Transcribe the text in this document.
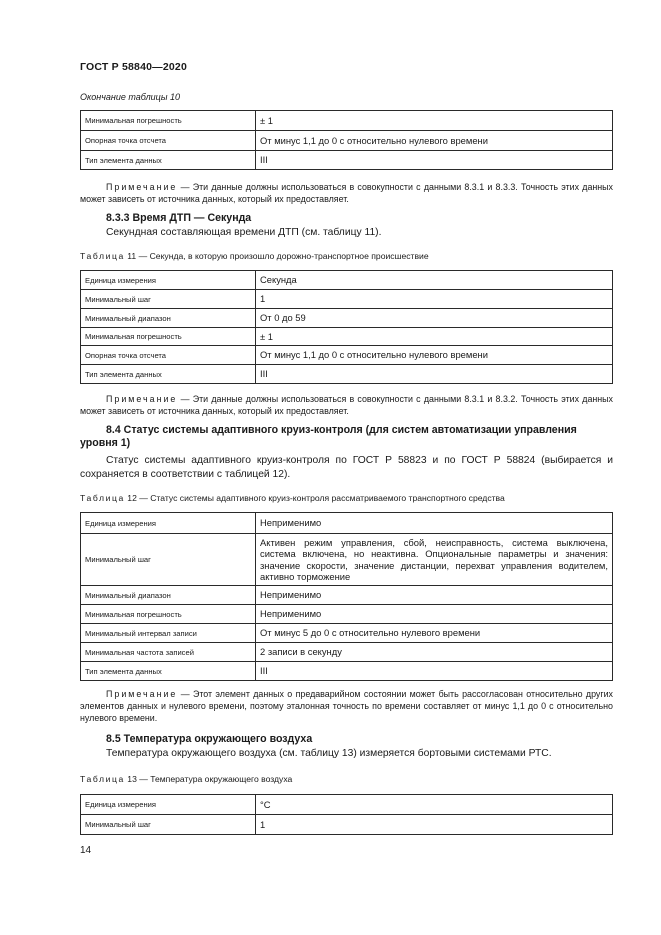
ГОСТ Р 58840—2020
Окончание таблицы 10
Минимальная погрешность	± 1
Опорная точка отсчета	От минус 1,1 до 0 с относительно нулевого времени
Тип элемента данных	III
Примечание — Эти данные должны использоваться в совокупности с данными 8.3.1 и 8.3.3. Точность этих данных может зависеть от источника данных, который их предоставляет.
8.3.3 Время ДТП — Секунда
Секундная составляющая времени ДТП (см. таблицу 11).
Таблица 11 — Секунда, в которую произошло дорожно-транспортное происшествие
Единица измерения	Секунда
Минимальный шаг	1
Минимальный диапазон	От 0 до 59
Минимальная погрешность	± 1
Опорная точка отсчета	От минус 1,1 до 0 с относительно нулевого времени
Тип элемента данных	III
Примечание — Эти данные должны использоваться в совокупности с данными 8.3.1 и 8.3.2. Точность этих данных может зависеть от источника данных, который их предоставляет.
8.4 Статус системы адаптивного круиз-контроля (для систем автоматизации управления уровня 1)
Статус системы адаптивного круиз-контроля по ГОСТ Р 58823 и по ГОСТ Р 58824 (выбирается и сохраняется в соответствии с таблицей 12).
Таблица 12 — Статус системы адаптивного круиз-контроля рассматриваемого транспортного средства
Единица измерения	Неприменимо
Минимальный шаг	Активен режим управления, сбой, неисправность, система выключена, система включена, но неактивна. Опциональные параметры и значения: значение скорости, значение дистанции, перехват управления водителем, активно торможение
Минимальный диапазон	Неприменимо
Минимальная погрешность	Неприменимо
Минимальный интервал записи	От минус 5 до 0 с относительно нулевого времени
Минимальная частота записей	2 записи в секунду
Тип элемента данных	III
Примечание — Этот элемент данных о предаварийном состоянии может быть рассогласован относительно других элементов данных и нулевого времени, поэтому эталонная точность по времени составляет от минус 1,1 до 0 с относительно нулевого времени.
8.5 Температура окружающего воздуха
Температура окружающего воздуха (см. таблицу 13) измеряется бортовыми системами РТС.
Таблица 13 — Температура окружающего воздуха
Единица измерения	°C
Минимальный шаг	1
14
